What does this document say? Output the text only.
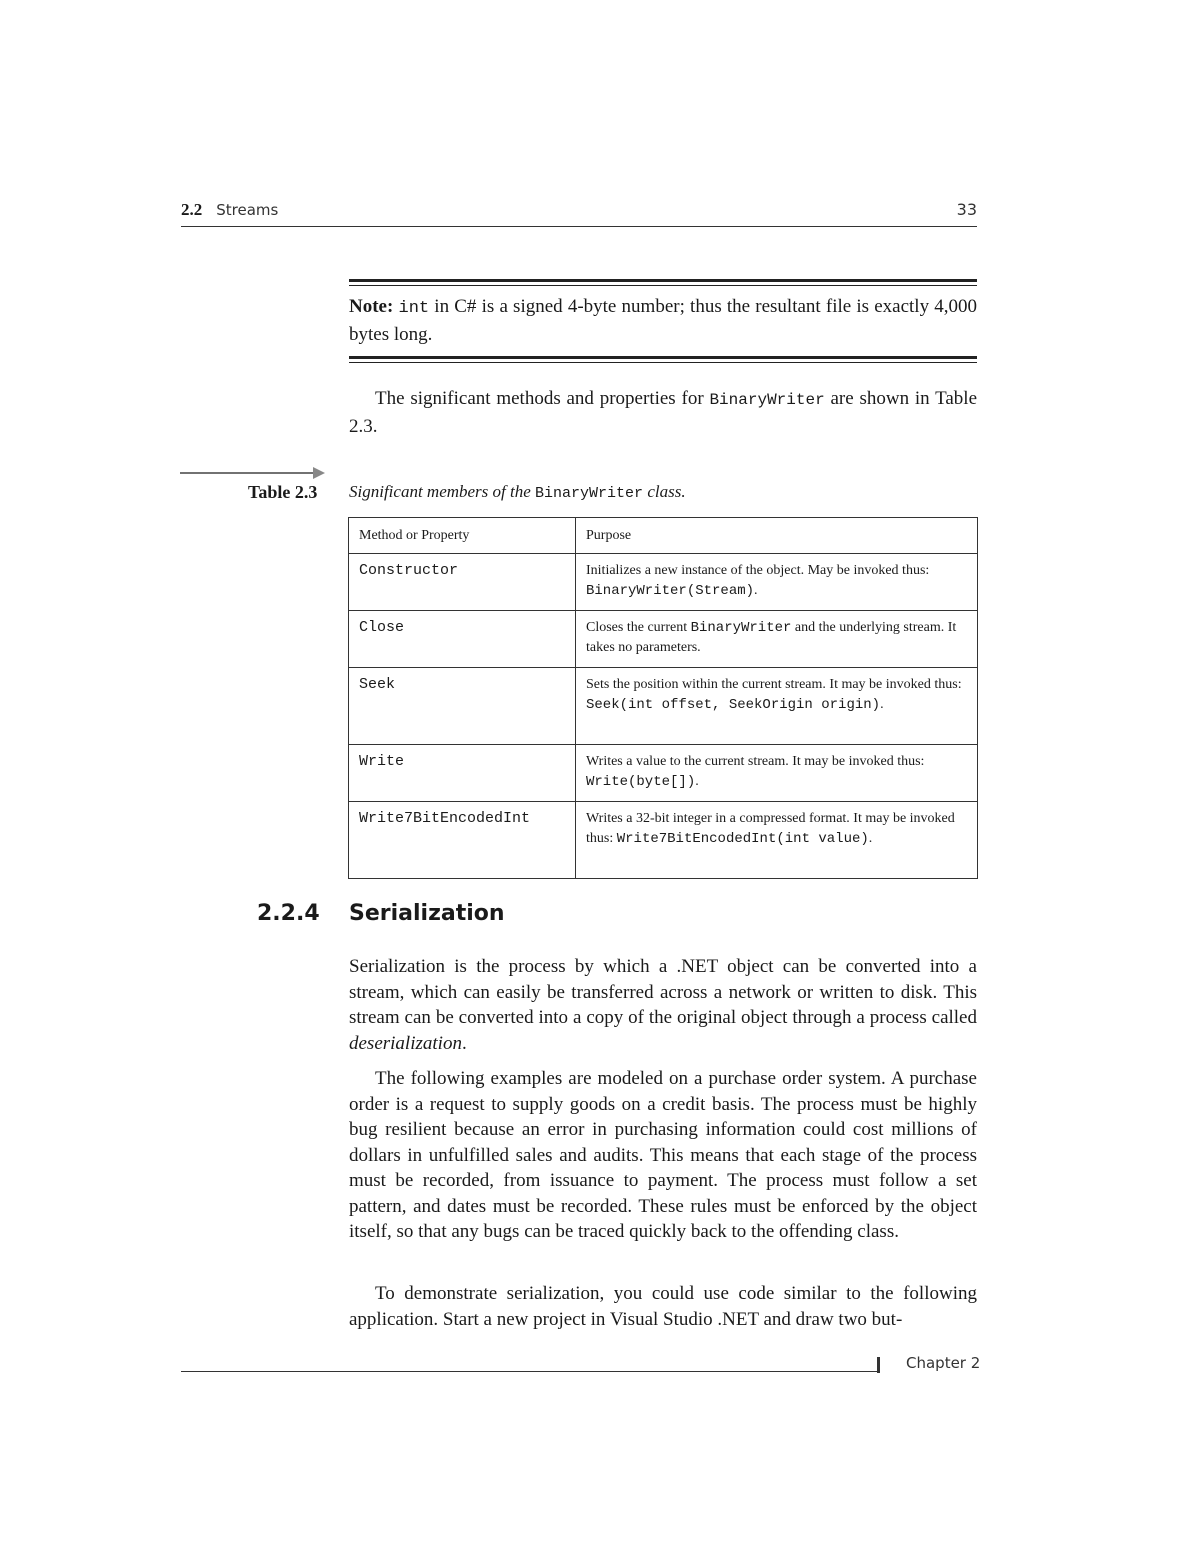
2.2 Streams	33

Note: int in C# is a signed 4-byte number; thus the resultant file is exactly 4,000 bytes long.

The significant methods and properties for BinaryWriter are shown in Table 2.3.

Table 2.3 Significant members of the BinaryWriter class.
Method or Property	Purpose
Constructor	Initializes a new instance of the object. May be invoked thus: BinaryWriter(Stream).
Close	Closes the current BinaryWriter and the underlying stream. It takes no parameters.
Seek	Sets the position within the current stream. It may be invoked thus: Seek(int offset, SeekOrigin origin).
Write	Writes a value to the current stream. It may be invoked thus: Write(byte[]).
Write7BitEncodedInt	Writes a 32-bit integer in a compressed format. It may be invoked thus: Write7BitEncodedInt(int value).
2.2.4 Serialization

Serialization is the process by which a .NET object can be converted into a stream, which can easily be transferred across a network or written to disk. This stream can be converted into a copy of the original object through a process called deserialization.

The following examples are modeled on a purchase order system. A purchase order is a request to supply goods on a credit basis. The process must be highly bug resilient because an error in purchasing information could cost millions of dollars in unfulfilled sales and audits. This means that each stage of the process must be recorded, from issuance to payment. The process must follow a set pattern, and dates must be recorded. These rules must be enforced by the object itself, so that any bugs can be traced quickly back to the offending class.

To demonstrate serialization, you could use code similar to the following application. Start a new project in Visual Studio .NET and draw two but-

Chapter 2
